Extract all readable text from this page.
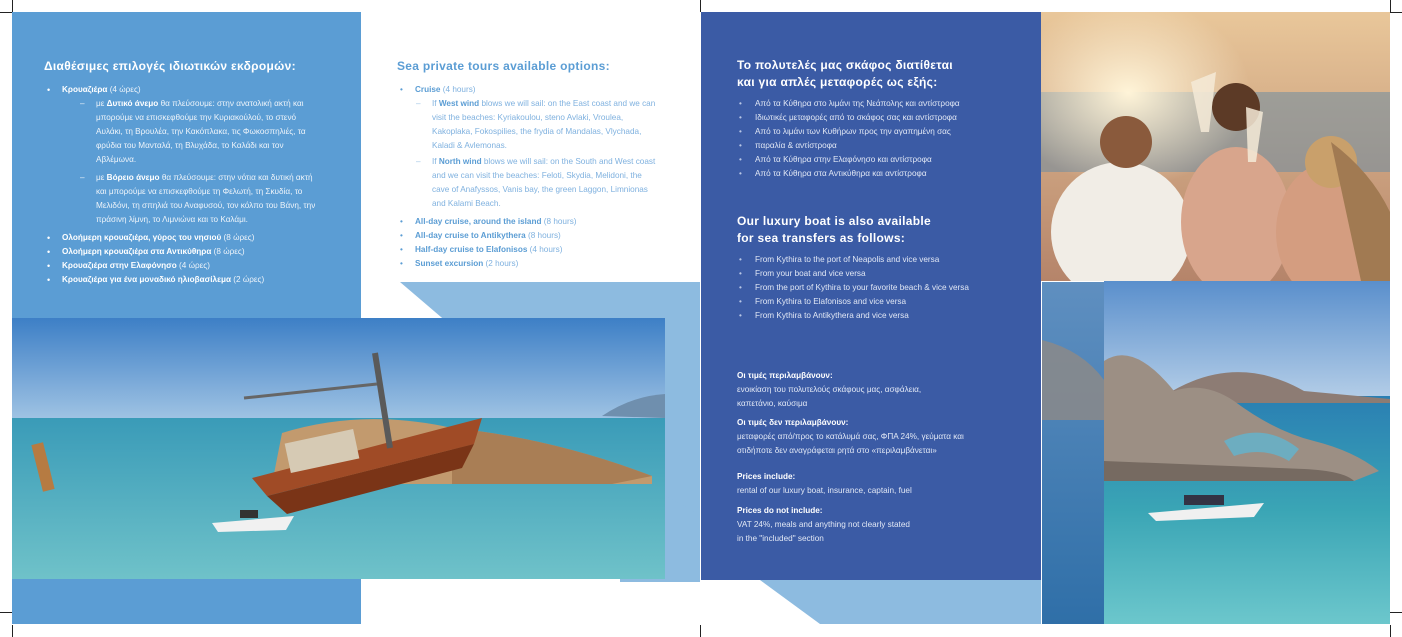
Διαθέσιμες επιλογές ιδιωτικών εκδρομών:
• Κρουαζιέρα (4 ώρες)
– με Δυτικό άνεμο θα πλεύσουμε: στην ανατολική ακτή και μπορούμε να επισκεφθούμε την Κυριακούλού, το στενό Αυλάκι, τη Βρουλέα, την Κακόπλακα, τις Φωκοσπηλιές, τα φρύδια του Μανταλά, τη Βλυχάδα, το Καλάδι και τον Αβλέμωνα.
– με Βόρειο άνεμο θα πλεύσουμε: στην νότια και δυτική ακτή και μπορούμε να επισκεφθούμε τη Φελωτή, τη Σκυδία, το Μελιδόνι, τη σπηλιά του Αναφυσού, τον κόλπο του Βάνη, την πράσινη λίμνη, το Λιμνιώνα και το Καλάμι.
• Ολοήμερη κρουαζιέρα, γύρος του νησιού (8 ώρες)
• Ολοήμερη κρουαζιέρα στα Αντικύθηρα (8 ώρες)
• Κρουαζιέρα στην Ελαφόνησο (4 ώρες)
• Κρουαζιέρα για ένα μοναδικό ηλιοβασίλεμα (2 ώρες)
Sea private tours available options:
• Cruise (4 hours)
– If West wind blows we will sail: on the East coast and we can visit the beaches: Kyriakoulou, steno Avlaki, Vroulea, Kakoplaka, Fokospilies, the frydia of Mandalas, Vlychada, Kaladi & Avlemonas.
– If North wind blows we will sail: on the South and West coast and we can visit the beaches: Feloti, Skydia, Melidoni, the cave of Anafyssos, Vanis bay, the green Laggon, Limnionas and Kalami Beach.
• All-day cruise, around the island (8 hours)
• All-day cruise to Antikythera (8 hours)
• Half-day cruise to Elafonisos (4 hours)
• Sunset excursion (2 hours)
Το πολυτελές μας σκάφος διατίθεται
και για απλές μεταφορές ως εξής:
• Από τα Κύθηρα στο λιμάνι της Νεάπολης και αντίστροφα
• Ιδιωτικές μεταφορές από το σκάφος σας και αντίστροφα
• Από το λιμάνι των Κυθήρων προς την αγαπημένη σας
• παραλία & αντίστροφα
• Από τα Κύθηρα στην Ελαφόνησο και αντίστροφα
• Από τα Κύθηρα στα Αντικύθηρα και αντίστροφα
Our luxury boat is also available
for sea transfers as follows:
• From Kythira to the port of Neapolis and vice versa
• From your boat and vice versa
• From the port of Kythira to your favorite beach & vice versa
• From Kythira to Elafonisos and vice versa
• From Kythira to Antikythera and vice versa
Οι τιμές περιλαμβάνουν:
ενοικίαση του πολυτελούς σκάφους μας, ασφάλεια,
καπετάνιο, καύσιμα
Οι τιμές δεν περιλαμβάνουν:
μεταφορές από/προς το κατάλυμά σας, ΦΠΑ 24%, γεύματα και
οτιδήποτε δεν αναγράφεται ρητά στο «περιλαμβάνεται»
Prices include:
rental of our luxury boat, insurance, captain, fuel
Prices do not include:
VAT 24%, meals and anything not clearly stated
in the "included" section
